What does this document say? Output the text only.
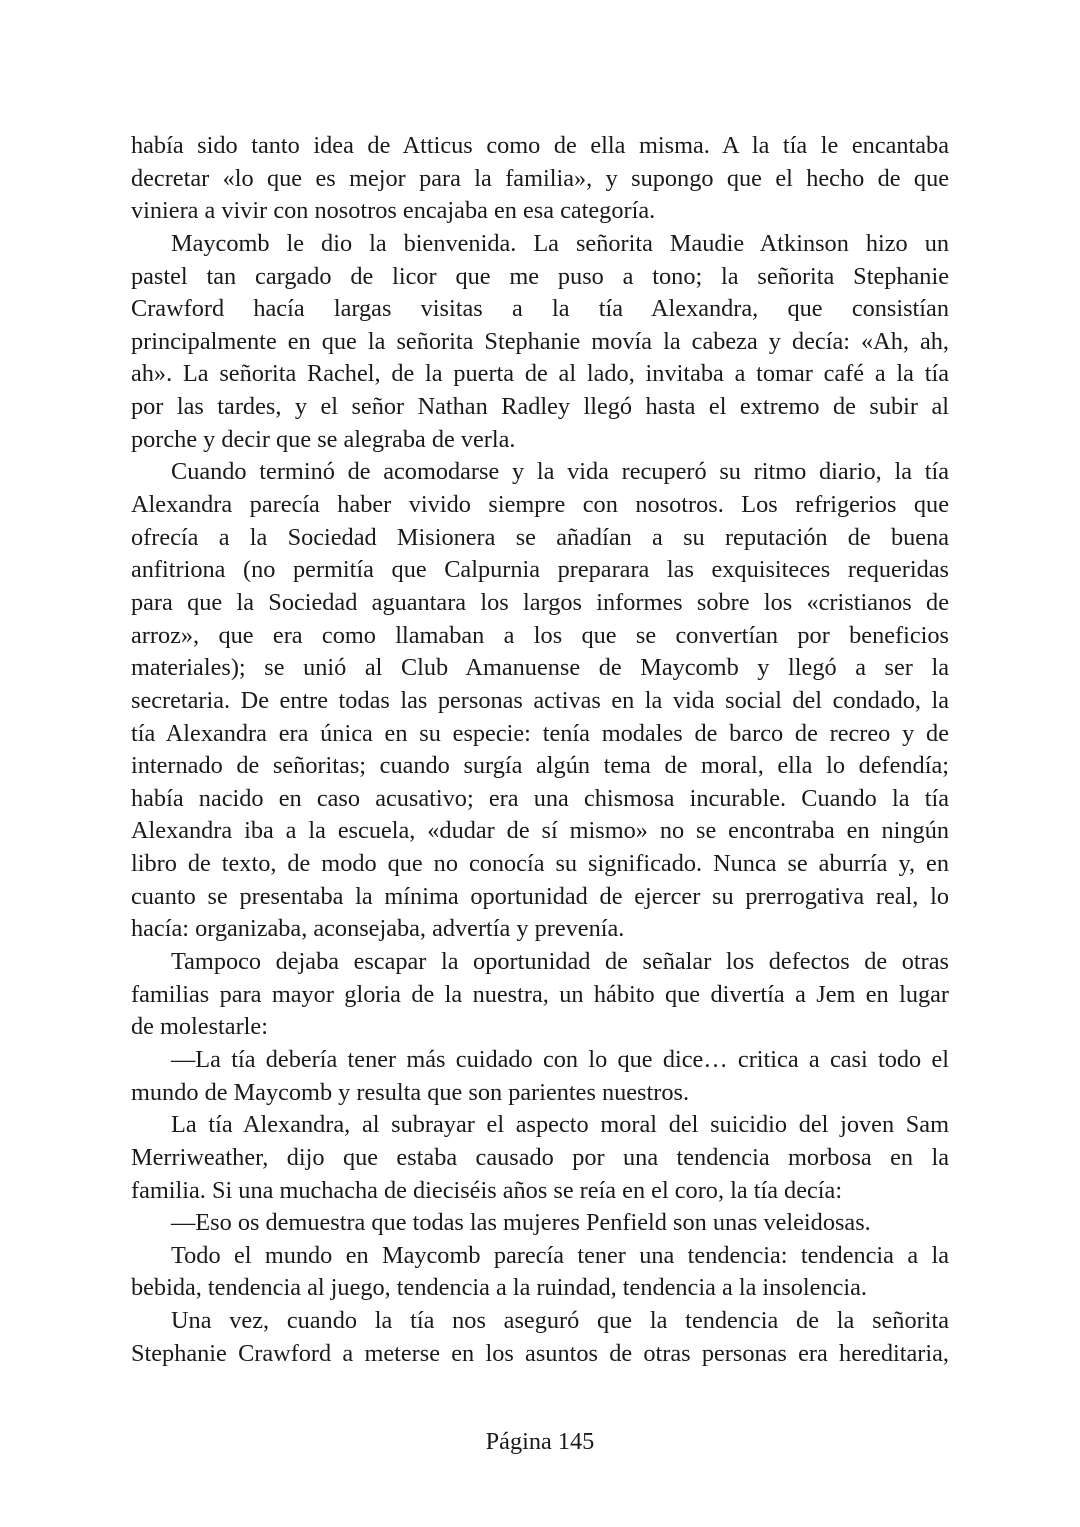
había sido tanto idea de Atticus como de ella misma. A la tía le encantaba
decretar «lo que es mejor para la familia», y supongo que el hecho de que
viniera a vivir con nosotros encajaba en esa categoría.
Maycomb le dio la bienvenida. La señorita Maudie Atkinson hizo un
pastel tan cargado de licor que me puso a tono; la señorita Stephanie
Crawford hacía largas visitas a la tía Alexandra, que consistían
principalmente en que la señorita Stephanie movía la cabeza y decía: «Ah, ah,
ah». La señorita Rachel, de la puerta de al lado, invitaba a tomar café a la tía
por las tardes, y el señor Nathan Radley llegó hasta el extremo de subir al
porche y decir que se alegraba de verla.
Cuando terminó de acomodarse y la vida recuperó su ritmo diario, la tía
Alexandra parecía haber vivido siempre con nosotros. Los refrigerios que
ofrecía a la Sociedad Misionera se añadían a su reputación de buena
anfitriona (no permitía que Calpurnia preparara las exquisiteces requeridas
para que la Sociedad aguantara los largos informes sobre los «cristianos de
arroz», que era como llamaban a los que se convertían por beneficios
materiales); se unió al Club Amanuense de Maycomb y llegó a ser la
secretaria. De entre todas las personas activas en la vida social del condado, la
tía Alexandra era única en su especie: tenía modales de barco de recreo y de
internado de señoritas; cuando surgía algún tema de moral, ella lo defendía;
había nacido en caso acusativo; era una chismosa incurable. Cuando la tía
Alexandra iba a la escuela, «dudar de sí mismo» no se encontraba en ningún
libro de texto, de modo que no conocía su significado. Nunca se aburría y, en
cuanto se presentaba la mínima oportunidad de ejercer su prerrogativa real, lo
hacía: organizaba, aconsejaba, advertía y prevenía.
Tampoco dejaba escapar la oportunidad de señalar los defectos de otras
familias para mayor gloria de la nuestra, un hábito que divertía a Jem en lugar
de molestarle:
—La tía debería tener más cuidado con lo que dice… critica a casi todo el
mundo de Maycomb y resulta que son parientes nuestros.
La tía Alexandra, al subrayar el aspecto moral del suicidio del joven Sam
Merriweather, dijo que estaba causado por una tendencia morbosa en la
familia. Si una muchacha de dieciséis años se reía en el coro, la tía decía:
—Eso os demuestra que todas las mujeres Penfield son unas veleidosas.
Todo el mundo en Maycomb parecía tener una tendencia: tendencia a la
bebida, tendencia al juego, tendencia a la ruindad, tendencia a la insolencia.
Una vez, cuando la tía nos aseguró que la tendencia de la señorita
Stephanie Crawford a meterse en los asuntos de otras personas era hereditaria,
Página 145
